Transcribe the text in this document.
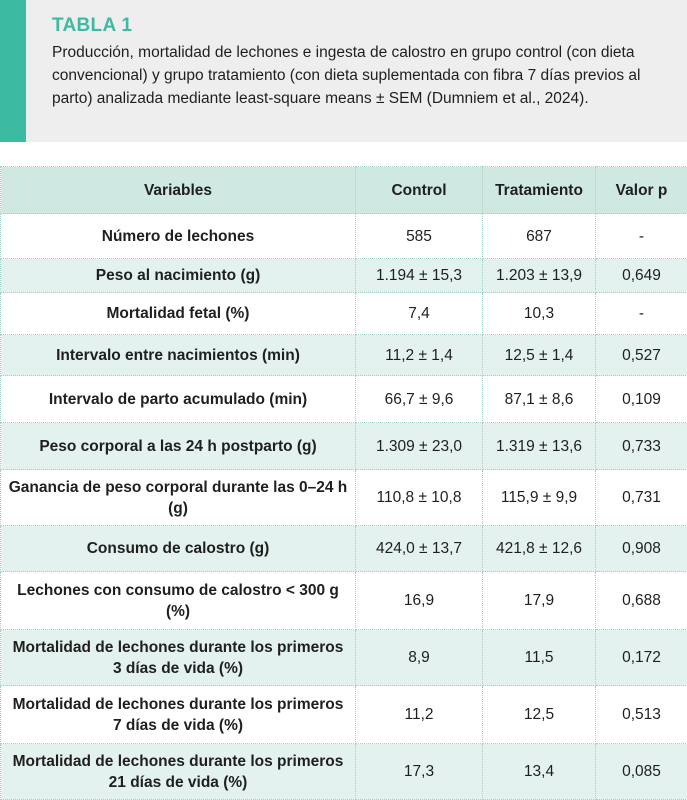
TABLA 1
Producción, mortalidad de lechones e ingesta de calostro en grupo control (con dieta convencional) y grupo tratamiento (con dieta suplementada con fibra 7 días previos al parto) analizada mediante least-square means ± SEM (Dumniem et al., 2024).
Variables	Control	Tratamiento	Valor p
Número de lechones	585	687	-
Peso al nacimiento (g)	1.194 ± 15,3	1.203 ± 13,9	0,649
Mortalidad fetal (%)	7,4	10,3	-
Intervalo entre nacimientos (min)	11,2 ± 1,4	12,5 ± 1,4	0,527
Intervalo de parto acumulado (min)	66,7 ± 9,6	87,1 ± 8,6	0,109
Peso corporal a las 24 h postparto (g)	1.309 ± 23,0	1.319 ± 13,6	0,733
Ganancia de peso corporal durante las 0–24 h (g)	110,8 ± 10,8	115,9 ± 9,9	0,731
Consumo de calostro (g)	424,0 ± 13,7	421,8 ± 12,6	0,908
Lechones con consumo de calostro < 300 g (%)	16,9	17,9	0,688
Mortalidad de lechones durante los primeros 3 días de vida (%)	8,9	11,5	0,172
Mortalidad de lechones durante los primeros 7 días de vida (%)	11,2	12,5	0,513
Mortalidad de lechones durante los primeros 21 días de vida (%)	17,3	13,4	0,085
